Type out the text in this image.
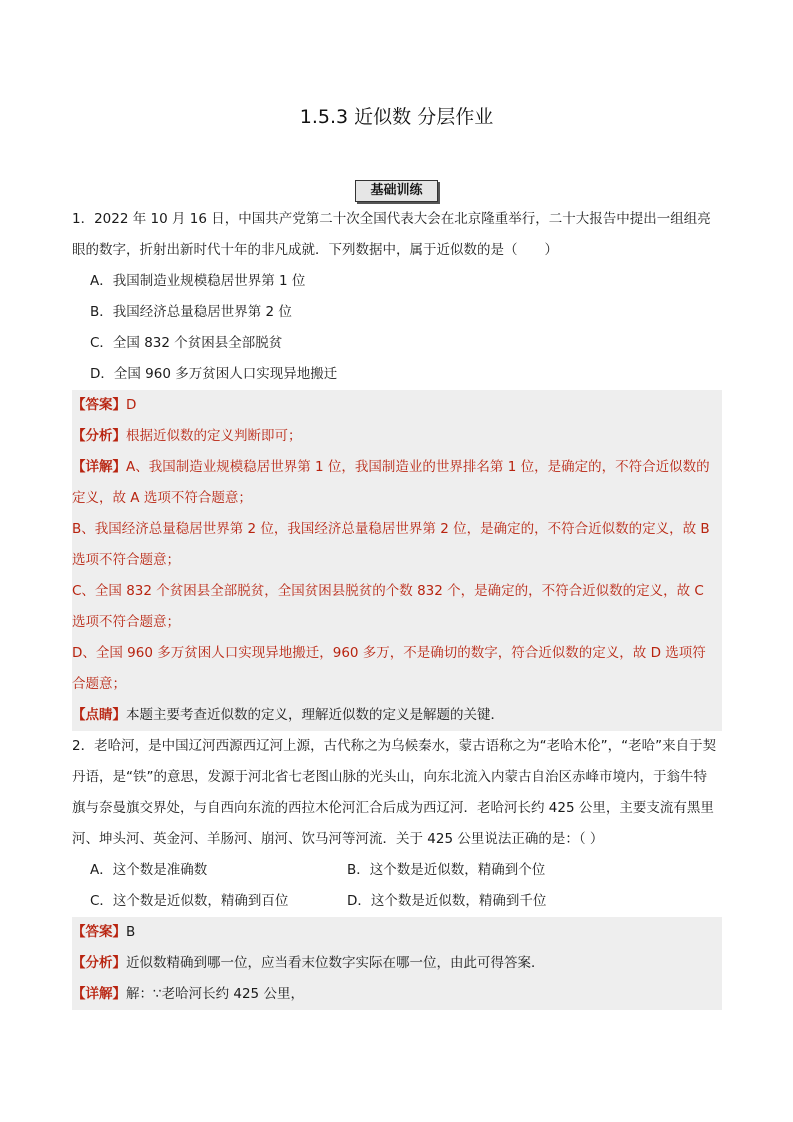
1.5.3 近似数 分层作业
基础训练
1．2022 年 10 月 16 日，中国共产党第二十次全国代表大会在北京隆重举行，二十大报告中提出一组组亮
眼的数字，折射出新时代十年的非凡成就．下列数据中，属于近似数的是（　　）
A．我国制造业规模稳居世界第 1 位
B．我国经济总量稳居世界第 2 位
C．全国 832 个贫困县全部脱贫
D．全国 960 多万贫困人口实现异地搬迁
【答案】D
【分析】根据近似数的定义判断即可；
【详解】A、我国制造业规模稳居世界第 1 位，我国制造业的世界排名第 1 位，是确定的，不符合近似数的
定义，故 A 选项不符合题意；
B、我国经济总量稳居世界第 2 位，我国经济总量稳居世界第 2 位，是确定的，不符合近似数的定义，故 B
选项不符合题意；
C、全国 832 个贫困县全部脱贫，全国贫困县脱贫的个数 832 个，是确定的，不符合近似数的定义，故 C
选项不符合题意；
D、全国 960 多万贫困人口实现异地搬迁，960 多万，不是确切的数字，符合近似数的定义，故 D 选项符
合题意；
【点睛】本题主要考查近似数的定义，理解近似数的定义是解题的关键．
2．老哈河，是中国辽河西源西辽河上源，古代称之为乌候秦水，蒙古语称之为“老哈木伦”，“老哈”来自于契
丹语，是“铁”的意思，发源于河北省七老图山脉的光头山，向东北流入内蒙古自治区赤峰市境内，于翁牛特
旗与奈曼旗交界处，与自西向东流的西拉木伦河汇合后成为西辽河．老哈河长约 425 公里，主要支流有黑里
河、坤头河、英金河、羊肠河、崩河、饮马河等河流．关于 425 公里说法正确的是：（ ）
A．这个数是准确数	B．这个数是近似数，精确到个位
C．这个数是近似数，精确到百位	D．这个数是近似数，精确到千位
【答案】B
【分析】近似数精确到哪一位，应当看末位数字实际在哪一位，由此可得答案．
【详解】解：∵老哈河长约 425 公里，
